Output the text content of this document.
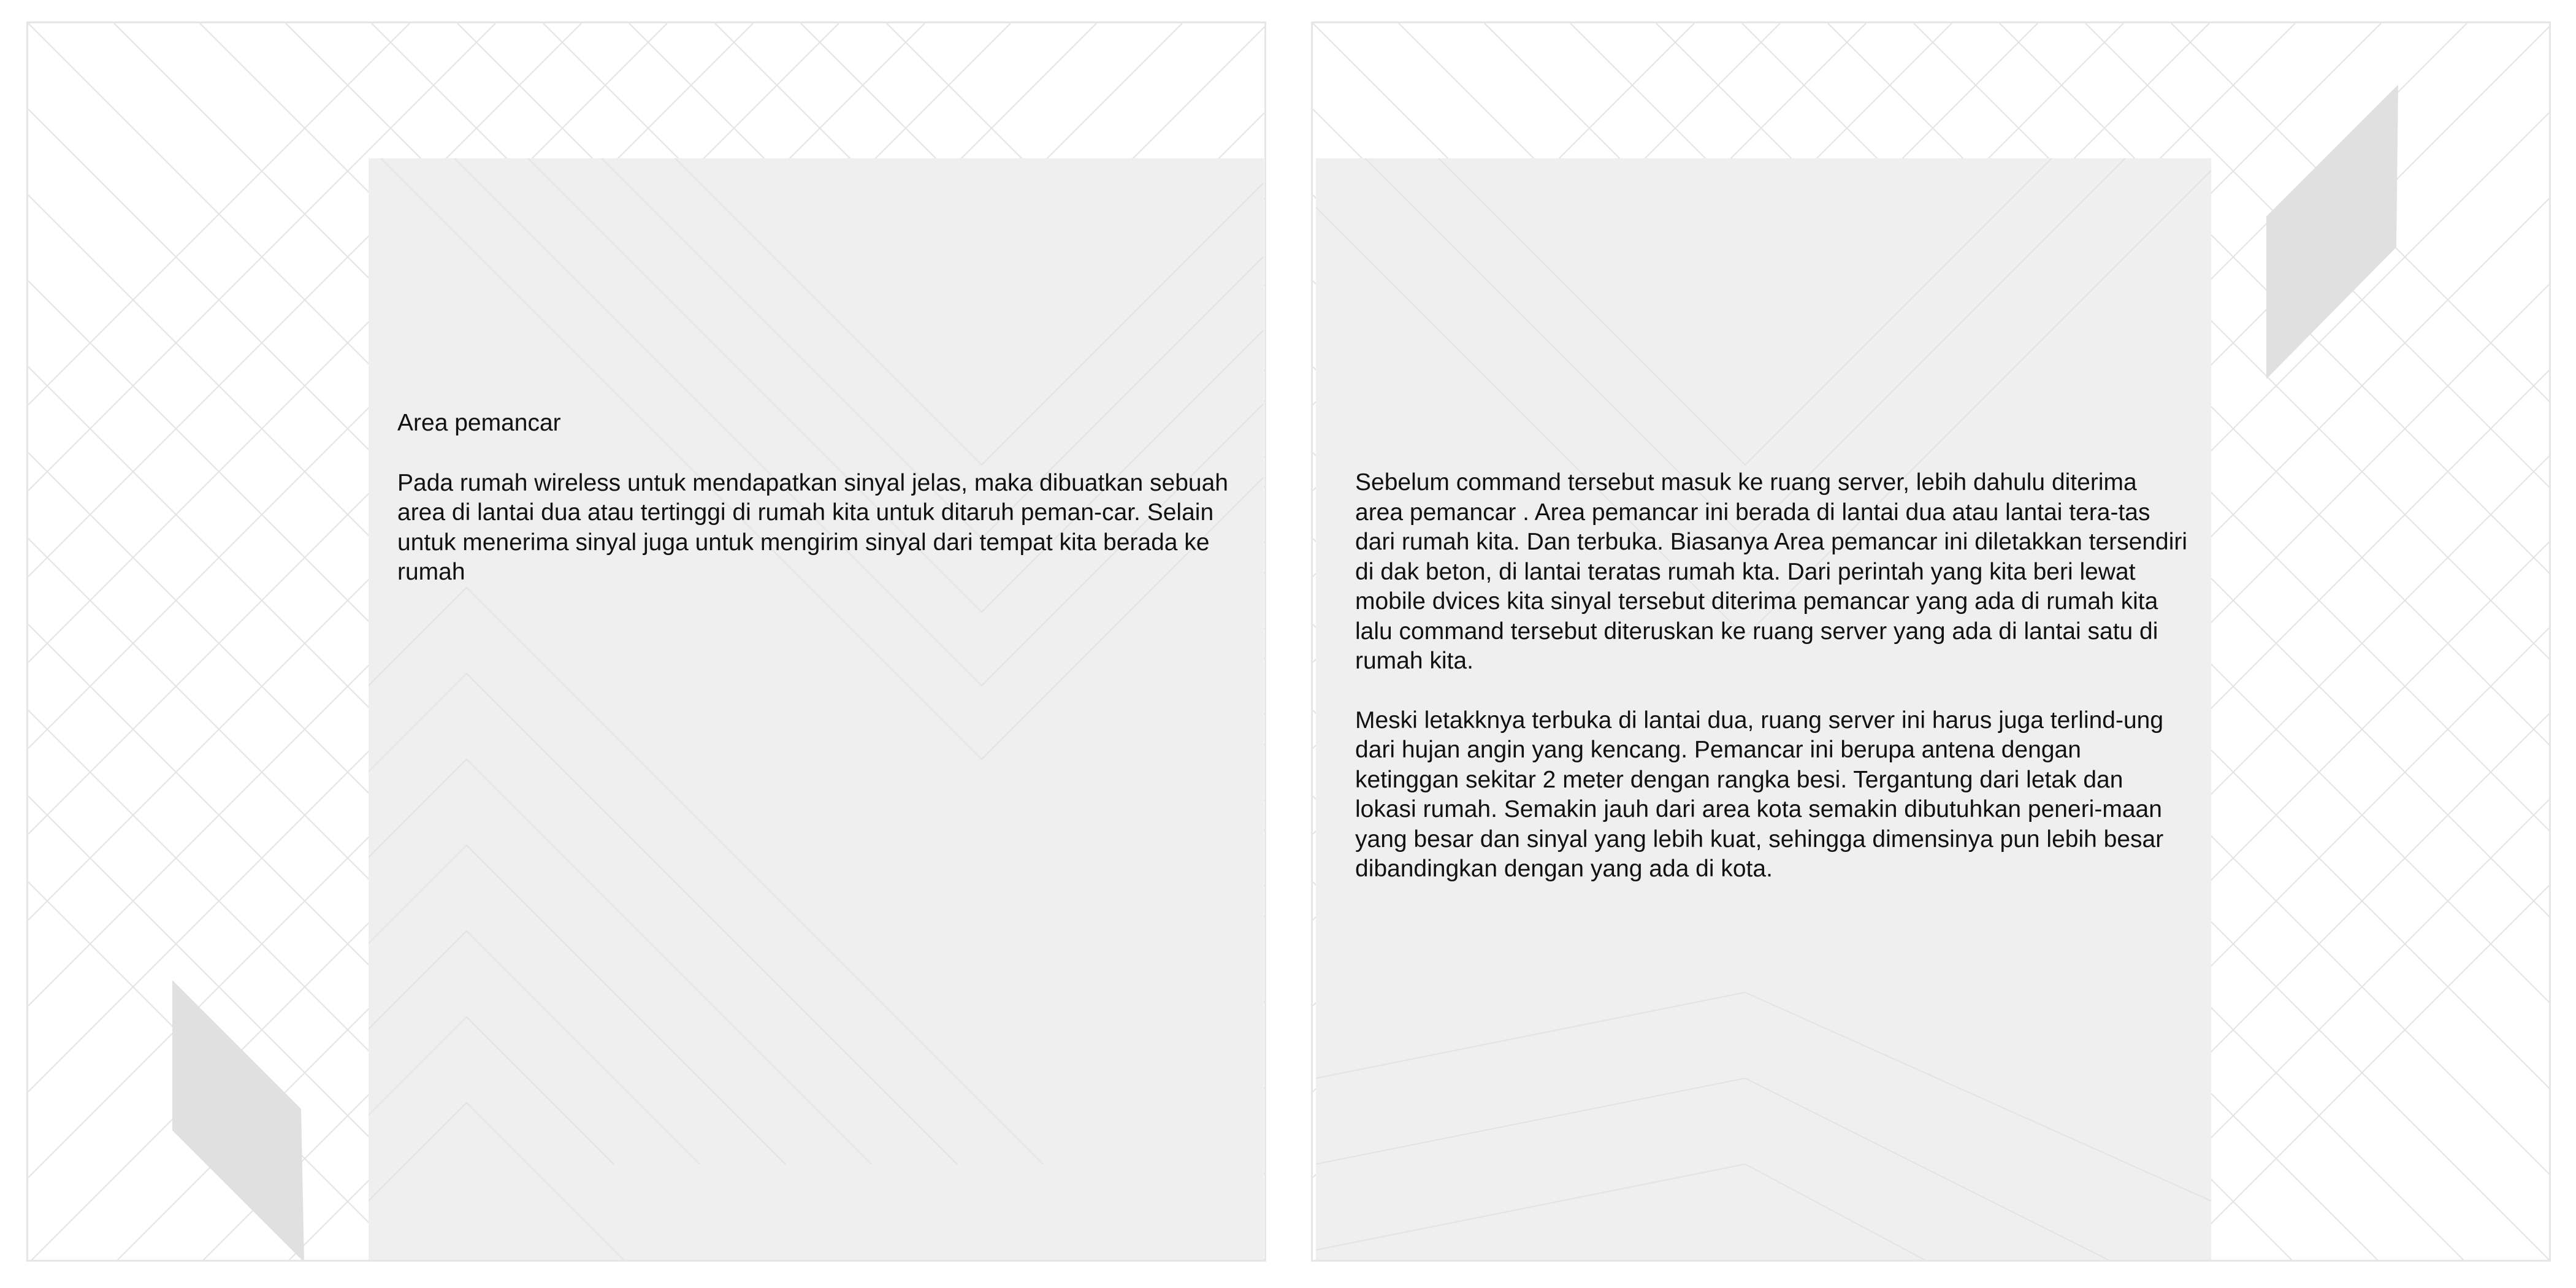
Area pemancar

Pada rumah wireless untuk mendapatkan sinyal jelas, maka dibuatkan sebuah area di lantai dua atau tertinggi di rumah kita untuk ditaruh peman-car. Selain untuk menerima sinyal juga untuk mengirim sinyal dari tempat kita berada ke rumah

Sebelum command tersebut masuk ke ruang server, lebih dahulu diterima area pemancar . Area pemancar ini berada di lantai dua atau lantai tera-tas dari rumah kita. Dan terbuka. Biasanya Area pemancar ini diletakkan tersendiri di dak beton, di lantai teratas rumah kta. Dari perintah yang kita beri lewat mobile dvices kita sinyal tersebut diterima pemancar yang ada di rumah kita lalu command tersebut diteruskan ke ruang server yang ada di lantai satu di rumah kita.

Meski letakknya terbuka di lantai dua, ruang server ini harus juga terlind-ung dari hujan angin yang kencang. Pemancar ini berupa antena dengan ketinggan sekitar 2 meter dengan rangka besi. Tergantung dari letak dan lokasi rumah. Semakin jauh dari area kota semakin dibutuhkan peneri-maan yang besar dan sinyal yang lebih kuat, sehingga dimensinya pun lebih besar dibandingkan dengan yang ada di kota.
